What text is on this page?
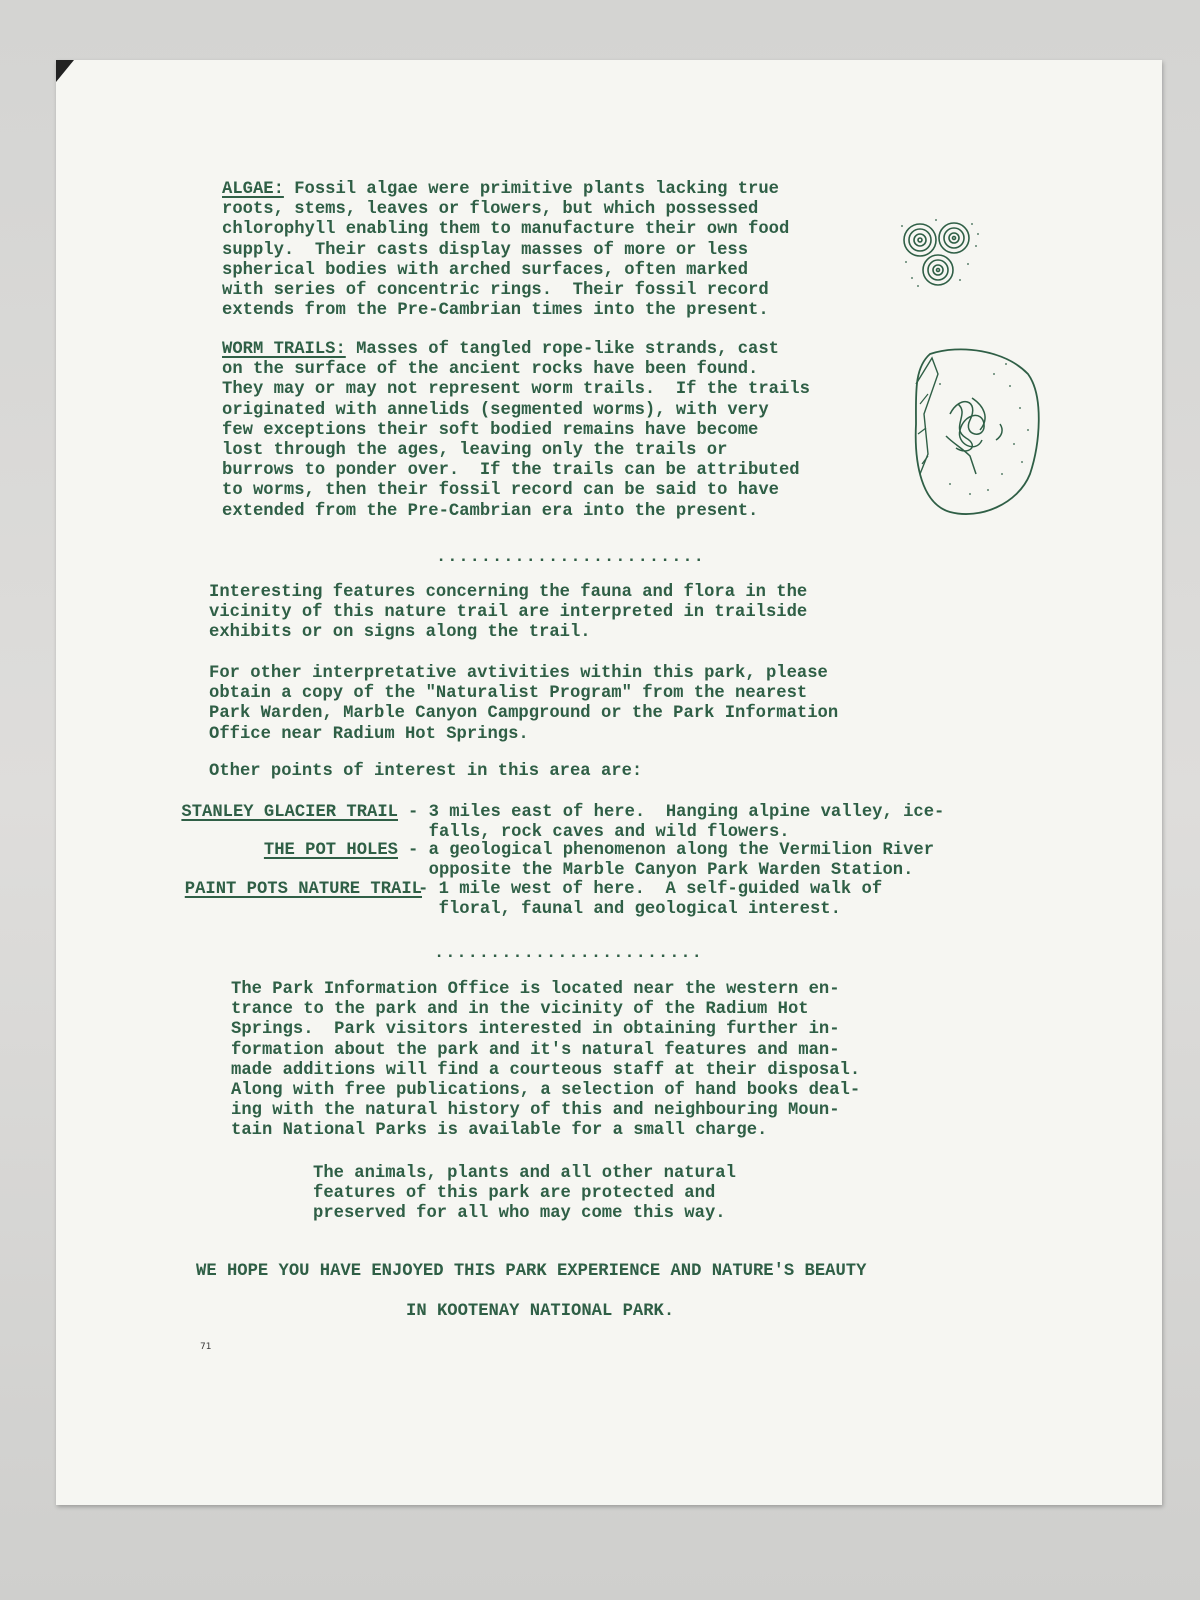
ALGAE: Fossil algae were primitive plants lacking true
roots, stems, leaves or flowers, but which possessed
chlorophyll enabling them to manufacture their own food
supply.  Their casts display masses of more or less
spherical bodies with arched surfaces, often marked
with series of concentric rings.  Their fossil record
extends from the Pre-Cambrian times into the present.
WORM TRAILS: Masses of tangled rope-like strands, cast
on the surface of the ancient rocks have been found.
They may or may not represent worm trails.  If the trails
originated with annelids (segmented worms), with very
few exceptions their soft bodied remains have become
lost through the ages, leaving only the trails or
burrows to ponder over.  If the trails can be attributed
to worms, then their fossil record can be said to have
extended from the Pre-Cambrian era into the present.
........................
Interesting features concerning the fauna and flora in the
vicinity of this nature trail are interpreted in trailside
exhibits or on signs along the trail.
For other interpretative avtivities within this park, please
obtain a copy of the "Naturalist Program" from the nearest
Park Warden, Marble Canyon Campground or the Park Information
Office near Radium Hot Springs.
Other points of interest in this area are:
STANLEY GLACIER TRAIL - 3 miles east of here.  Hanging alpine valley, ice-
falls, rock caves and wild flowers.
THE POT HOLES - a geological phenomenon along the Vermilion River
opposite the Marble Canyon Park Warden Station.
PAINT POTS NATURE TRAIL
- 1 mile west of here.  A self-guided walk of
floral, faunal and geological interest.
........................
The Park Information Office is located near the western en-
trance to the park and in the vicinity of the Radium Hot
Springs.  Park visitors interested in obtaining further in-
formation about the park and it's natural features and man-
made additions will find a courteous staff at their disposal.
Along with free publications, a selection of hand books deal-
ing with the natural history of this and neighbouring Moun-
tain National Parks is available for a small charge.
The animals, plants and all other natural
features of this park are protected and
preserved for all who may come this way.
WE HOPE YOU HAVE ENJOYED THIS PARK EXPERIENCE AND NATURE'S BEAUTY
IN KOOTENAY NATIONAL PARK.
71
